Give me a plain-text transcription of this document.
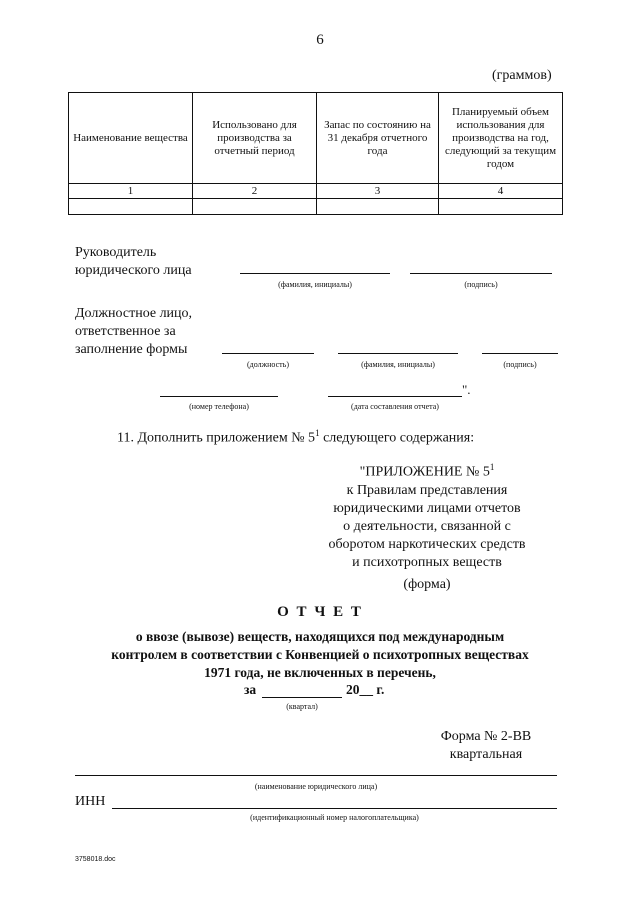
6
(граммов)
Наименование вещества	Использовано для производства за отчетный период	Запас по состоянию на 31 декабря отчетного года	Планируемый объем использования для производства на год, следующий за текущим годом
1	2	3	4

Руководитель
юридического лица
(фамилия, инициалы)	(подпись)
Должностное лицо,
ответственное за
заполнение формы
(должность)	(фамилия, инициалы)	(подпись)
".
(номер телефона)	(дата составления отчета)
11. Дополнить приложением № $5^1$ следующего содержания:
"ПРИЛОЖЕНИЕ № $5^1$
к Правилам представления
юридическими лицами отчетов
о деятельности, связанной с
оборотом наркотических средств
и психотропных веществ
(форма)
О Т Ч Е Т
о ввозе (вывозе) веществ, находящихся под международным
контролем в соответствии с Конвенцией о психотропных веществах
1971 года, не включенных в перечень,
за	20__ г.
(квартал)
Форма № 2-ВВ
квартальная
(наименование юридического лица)
ИНН
(идентификационный номер налогоплательщика)
3758018.doc
